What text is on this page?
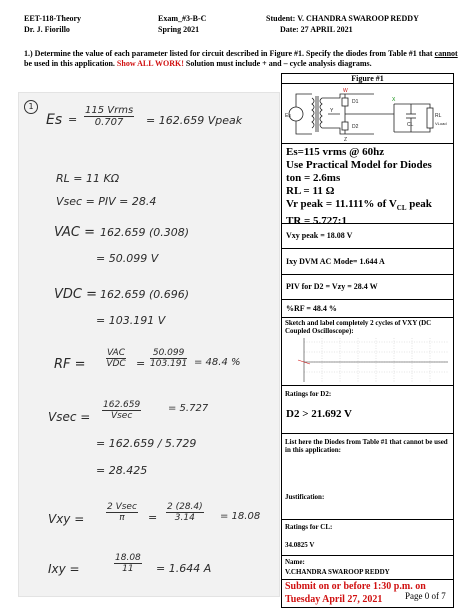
EET-118-Theory	Exam_#3-B-C	Student: V. CHANDRA SWAROOP REDDY
Dr. J. Fiorillo	Spring 2021	Date: 27 APRIL 2021
1.) Determine the value of each parameter listed for circuit described in Figure #1. Specify the diodes from Table #1 that cannot be used in this application. Show ALL WORK! Solution must include + and – cycle analysis diagrams.
1
Es =
115 Vrms
0.707	= 162.659 Vpeak
RL = 11 KΩ
Vsec = PIV = 28.4
VAC = 162.659 (0.308)
= 50.099 V
VDC = 162.659 (0.696)
= 103.191 V
RF =
VAC
VDC = $\frac{50.099}{103.191} = 48.4$ %
Vsec =
162.659
Vsec
= 5.727
= 162.659 / 5.729
= 28.425
Vxy =
2 Vsec
π	= $\frac{2 (28.4)}{3.14} = 18.08$
Ixy =	$\frac{18.08}{11} = 1.644$ A
Figure #1
Es
D1
D2
X
Y
Z
W
CL
RL
VLoad
Es=115 vrms @ 60hz
Use Practical Model for Diodes
ton = 2.6ms
RL = 11 Ω
Vr peak = 11.111% of $V_{CL}$ peak
TR = 5.727:1
Vxy peak = 18.08 V
Ixy DVM AC Mode= 1.644 A
PIV for D2 = Vzy = 28.4 W
%RF = 48.4 %
Sketch and label completely 2 cycles of VXY (DC Coupled Oscilloscope):
Ratings for D2:
D2 > 21.692 V
List here the Diodes from Table #1 that cannot be used in this application:
Justification:
Ratings for CL:
34.0825 V
Name:
V.CHANDRA SWAROOP REDDY
Submit on or before 1:30 p.m. on
Tuesday April 27, 2021	Page 0 of 7
